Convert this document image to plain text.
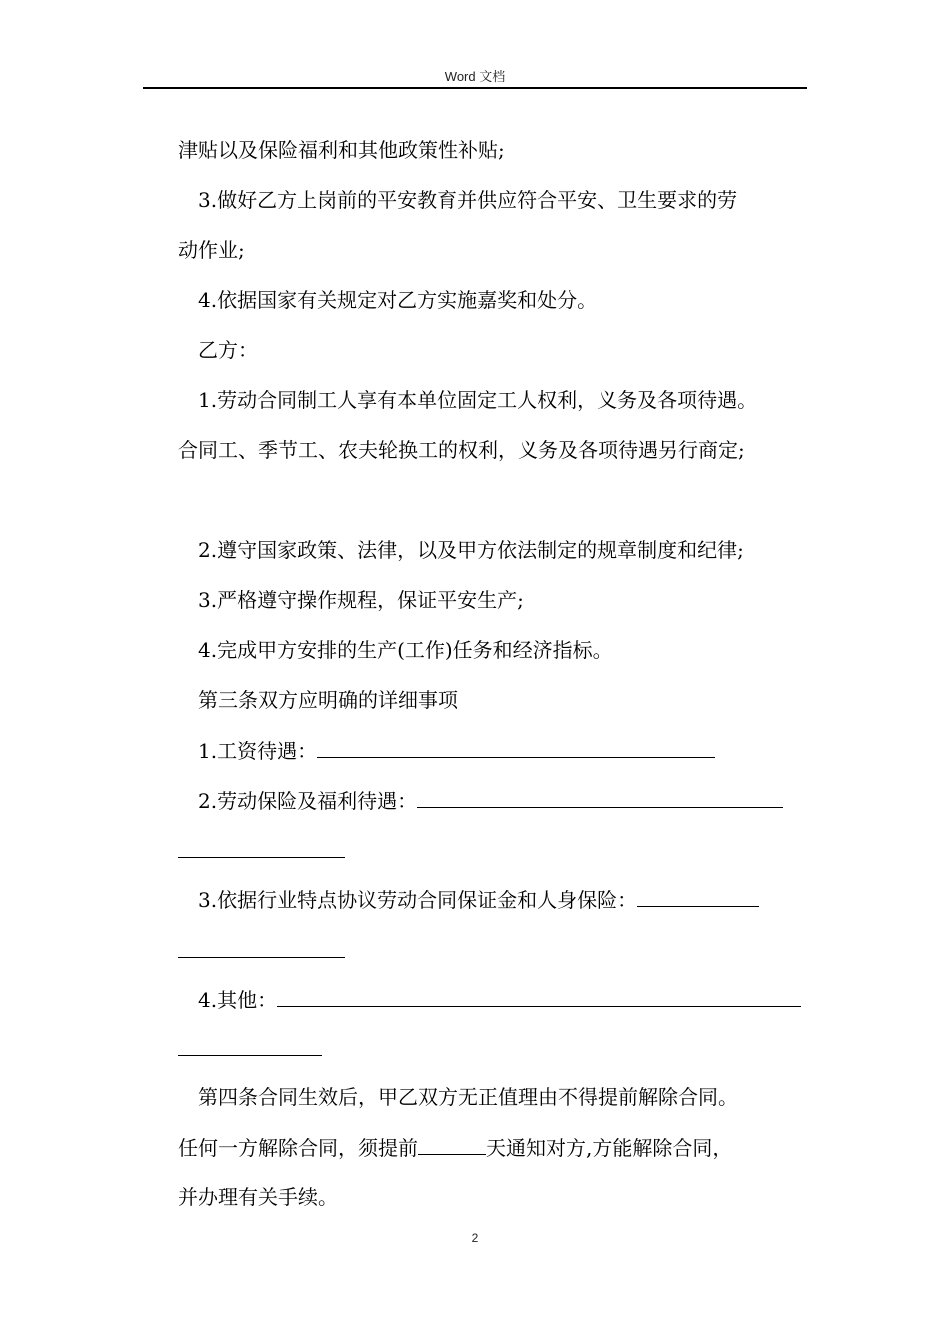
Word 文档
津贴以及保险福利和其他政策性补贴;
3.做好乙方上岗前的平安教育并供应符合平安、卫生要求的劳
动作业;
4.依据国家有关规定对乙方实施嘉奖和处分。
乙方：
1.劳动合同制工人享有本单位固定工人权利，义务及各项待遇。
合同工、季节工、农夫轮换工的权利，义务及各项待遇另行商定;
2.遵守国家政策、法律，以及甲方依法制定的规章制度和纪律;
3.严格遵守操作规程，保证平安生产;
4.完成甲方安排的生产(工作)任务和经济指标。
第三条双方应明确的详细事项
1.工资待遇：
2.劳动保险及福利待遇：
3.依据行业特点协议劳动合同保证金和人身保险：
4.其他：
第四条合同生效后，甲乙双方无正值理由不得提前解除合同。
任何一方解除合同，须提前	天通知对方,方能解除合同，
并办理有关手续。
2
